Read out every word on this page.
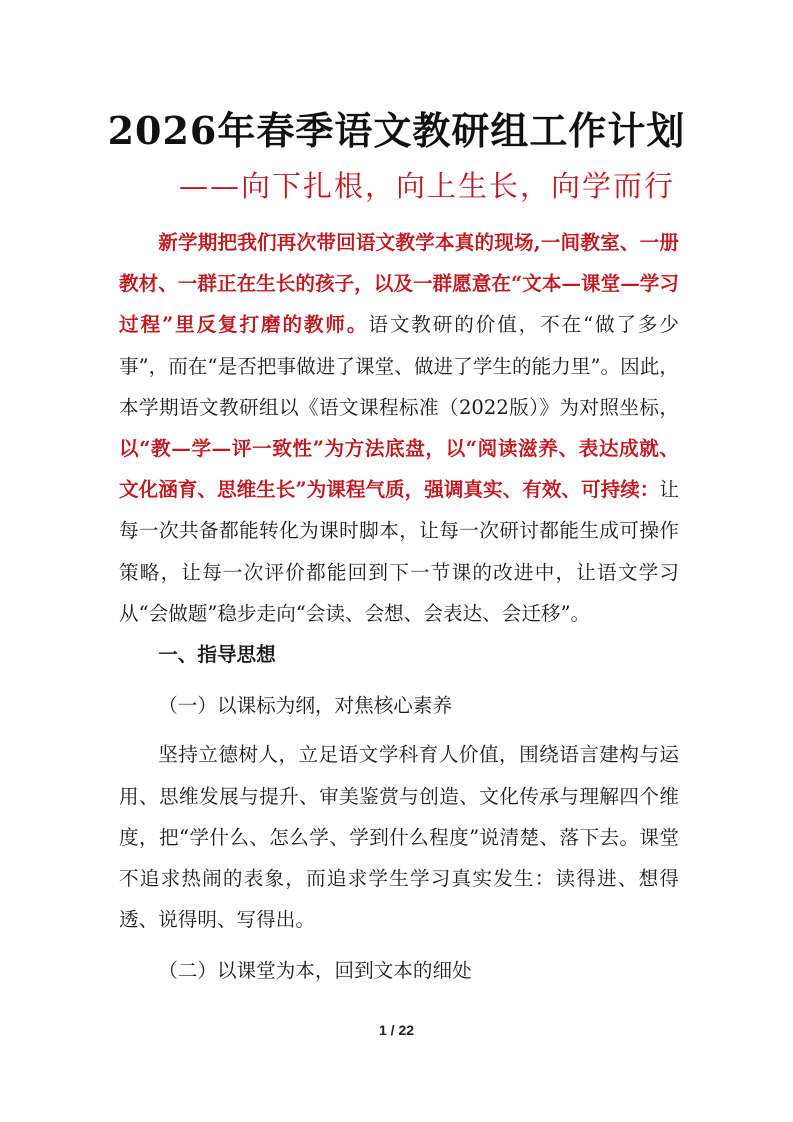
2026年春季语文教研组工作计划
——向下扎根，向上生长，向学而行

新学期把我们再次带回语文教学本真的现场,一间教室、一册教材、一群正在生长的孩子，以及一群愿意在“文本—课堂—学习过程”里反复打磨的教师。语文教研的价值，不在“做了多少事”，而在“是否把事做进了课堂、做进了学生的能力里”。因此，本学期语文教研组以《语文课程标准（2022版）》为对照坐标，以“教—学—评一致性”为方法底盘，以“阅读滋养、表达成就、文化涵育、思维生长”为课程气质，强调真实、有效、可持续：让每一次共备都能转化为课时脚本，让每一次研讨都能生成可操作策略，让每一次评价都能回到下一节课的改进中，让语文学习从“会做题”稳步走向“会读、会想、会表达、会迁移”。

一、指导思想

（一）以课标为纲，对焦核心素养

坚持立德树人，立足语文学科育人价值，围绕语言建构与运用、思维发展与提升、审美鉴赏与创造、文化传承与理解四个维度，把“学什么、怎么学、学到什么程度”说清楚、落下去。课堂不追求热闹的表象，而追求学生学习真实发生：读得进、想得透、说得明、写得出。

（二）以课堂为本，回到文本的细处

1 / 22
